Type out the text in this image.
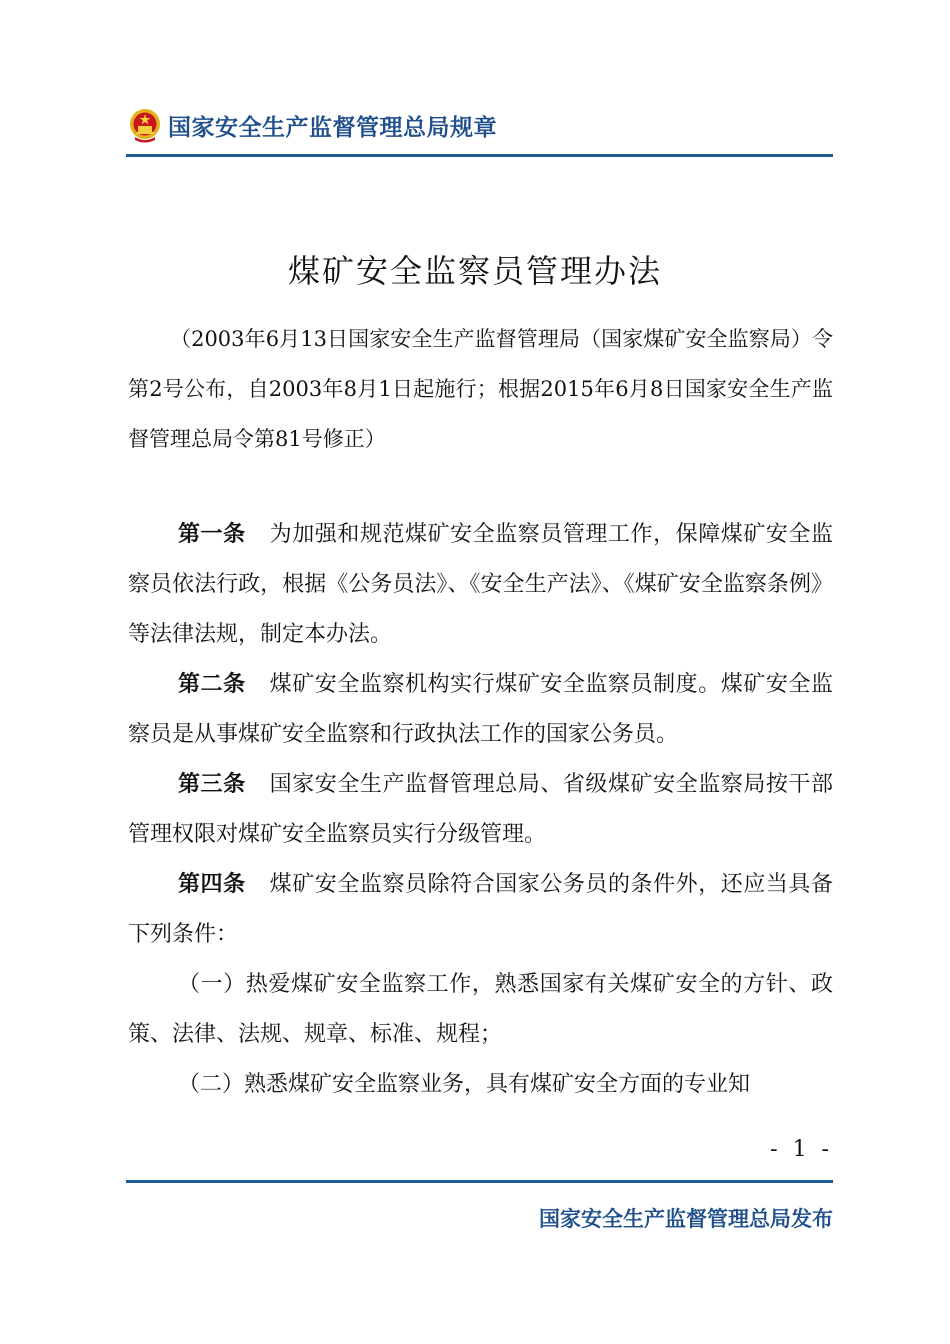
国家安全生产监督管理总局规章
煤矿安全监察员管理办法

（2003年6月13日国家安全生产监督管理局（国家煤矿安全监察局）令第2号公布，自2003年8月1日起施行；根据2015年6月8日国家安全生产监督管理总局令第81号修正）

第一条 为加强和规范煤矿安全监察员管理工作，保障煤矿安全监察员依法行政，根据《公务员法》、《安全生产法》、《煤矿安全监察条例》等法律法规，制定本办法。

第二条 煤矿安全监察机构实行煤矿安全监察员制度。煤矿安全监察员是从事煤矿安全监察和行政执法工作的国家公务员。

第三条 国家安全生产监督管理总局、省级煤矿安全监察局按干部管理权限对煤矿安全监察员实行分级管理。

第四条 煤矿安全监察员除符合国家公务员的条件外，还应当具备下列条件：

（一）热爱煤矿安全监察工作，熟悉国家有关煤矿安全的方针、政策、法律、法规、规章、标准、规程；

（二）熟悉煤矿安全监察业务，具有煤矿安全方面的专业知

- 1 -
国家安全生产监督管理总局发布
